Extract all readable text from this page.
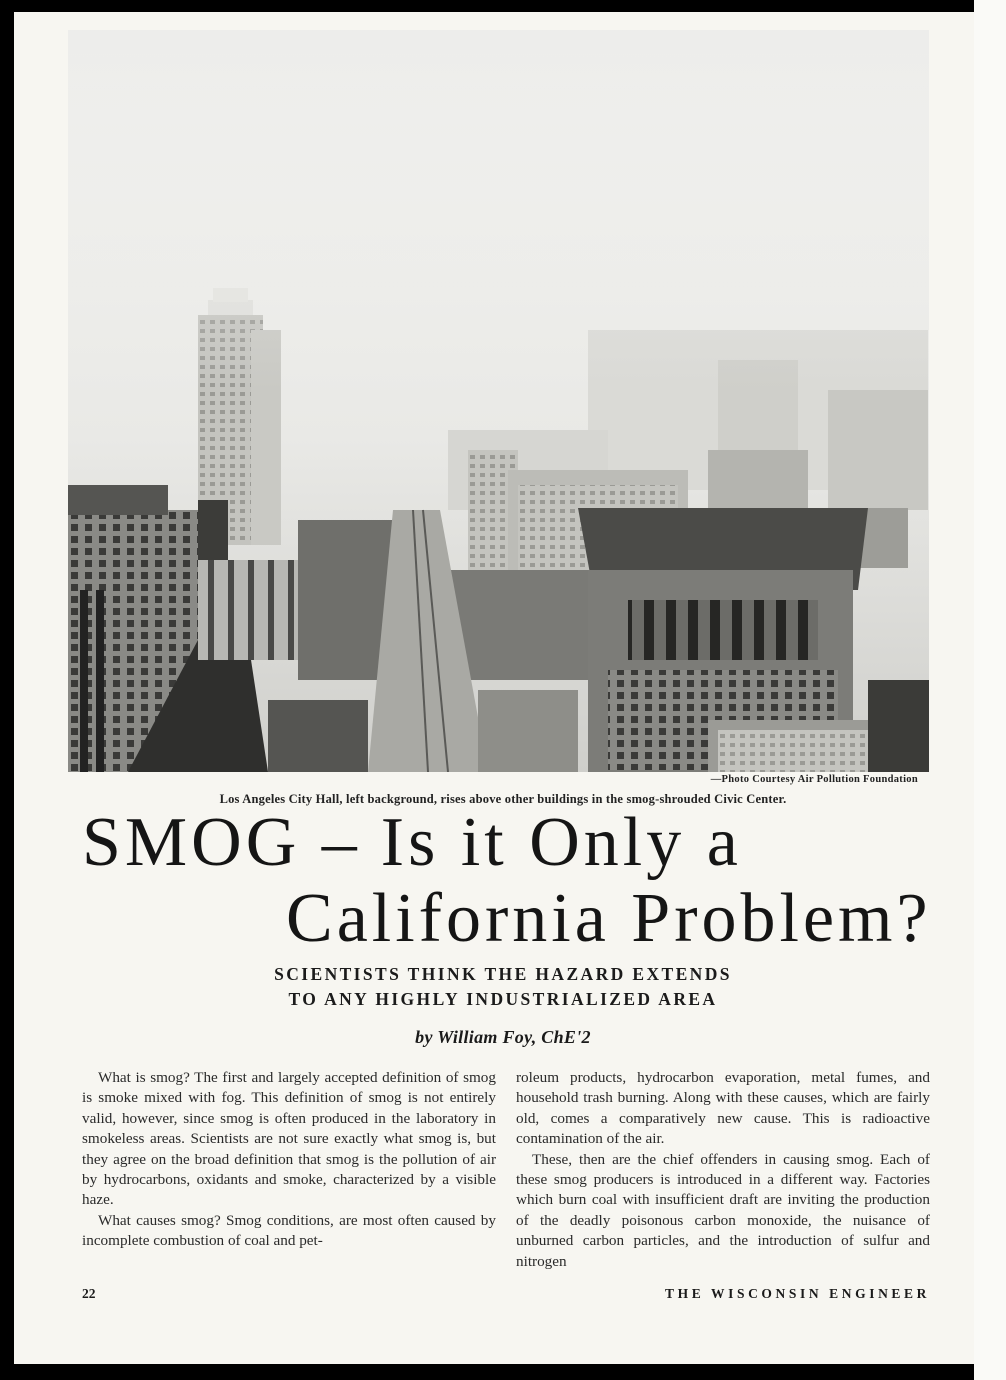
—Photo Courtesy Air Pollution Foundation
Los Angeles City Hall, left background, rises above other buildings in the smog-shrouded Civic Center.
SMOG – Is it Only a
California Problem?
SCIENTISTS THINK THE HAZARD EXTENDS
TO ANY HIGHLY INDUSTRIALIZED AREA
by William Foy, ChE'2

What is smog? The first and largely accepted definition of smog is smoke mixed with fog. This definition of smog is not entirely valid, however, since smog is often produced in the laboratory in smokeless areas. Scientists are not sure exactly what smog is, but they agree on the broad definition that smog is the pollution of air by hydrocarbons, oxidants and smoke, characterized by a visible haze.

What causes smog? Smog conditions, are most often caused by incomplete combustion of coal and pet-

roleum products, hydrocarbon evaporation, metal fumes, and household trash burning. Along with these causes, which are fairly old, comes a comparatively new cause. This is radioactive contamination of the air.

These, then are the chief offenders in causing smog. Each of these smog producers is introduced in a different way. Factories which burn coal with insufficient draft are inviting the production of the deadly poisonous carbon monoxide, the nuisance of unburned carbon particles, and the introduction of sulfur and nitrogen

22	THE WISCONSIN ENGINEER
